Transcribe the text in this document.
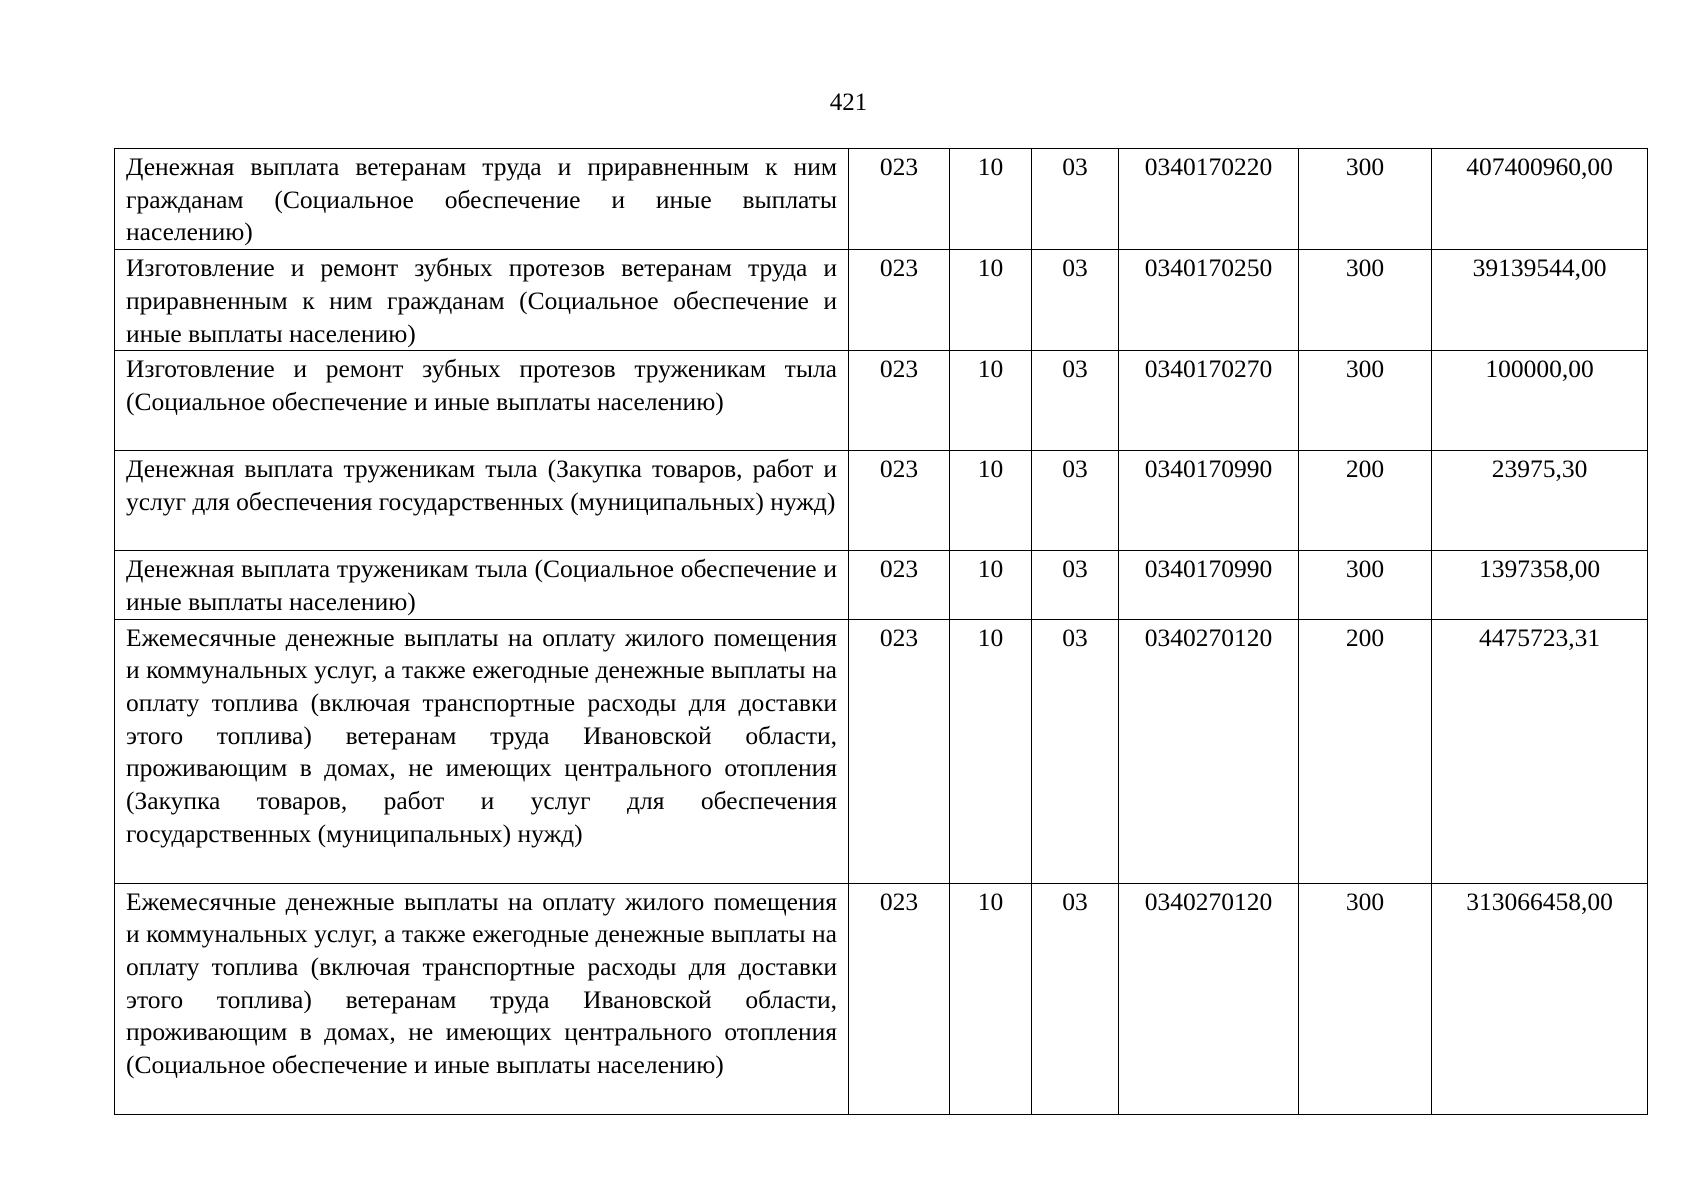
421
Денежная выплата ветеранам труда и приравненным к ним гражданам (Социальное обеспечение и иные выплаты населению)	023	10	03	0340170220	300	407400960,00
Изготовление и ремонт зубных протезов ветеранам труда и приравненным к ним гражданам (Социальное обеспечение и иные выплаты населению)	023	10	03	0340170250	300	39139544,00
Изготовление и ремонт зубных протезов труженикам тыла (Социальное обеспечение и иные выплаты населению)	023	10	03	0340170270	300	100000,00
Денежная выплата труженикам тыла (Закупка товаров, работ и услуг для обеспечения государственных (муниципальных) нужд)	023	10	03	0340170990	200	23975,30
Денежная выплата труженикам тыла (Социальное обеспечение и иные выплаты населению)	023	10	03	0340170990	300	1397358,00
Ежемесячные денежные выплаты на оплату жилого помещения и коммунальных услуг, а также ежегодные денежные выплаты на оплату топлива (включая транспортные расходы для доставки этого топлива) ветеранам труда Ивановской области, проживающим в домах, не имеющих центрального отопления (Закупка товаров, работ и услуг для обеспечения государственных (муниципальных) нужд)	023	10	03	0340270120	200	4475723,31
Ежемесячные денежные выплаты на оплату жилого помещения и коммунальных услуг, а также ежегодные денежные выплаты на оплату топлива (включая транспортные расходы для доставки этого топлива) ветеранам труда Ивановской области, проживающим в домах, не имеющих центрального отопления (Социальное обеспечение и иные выплаты населению)	023	10	03	0340270120	300	313066458,00
